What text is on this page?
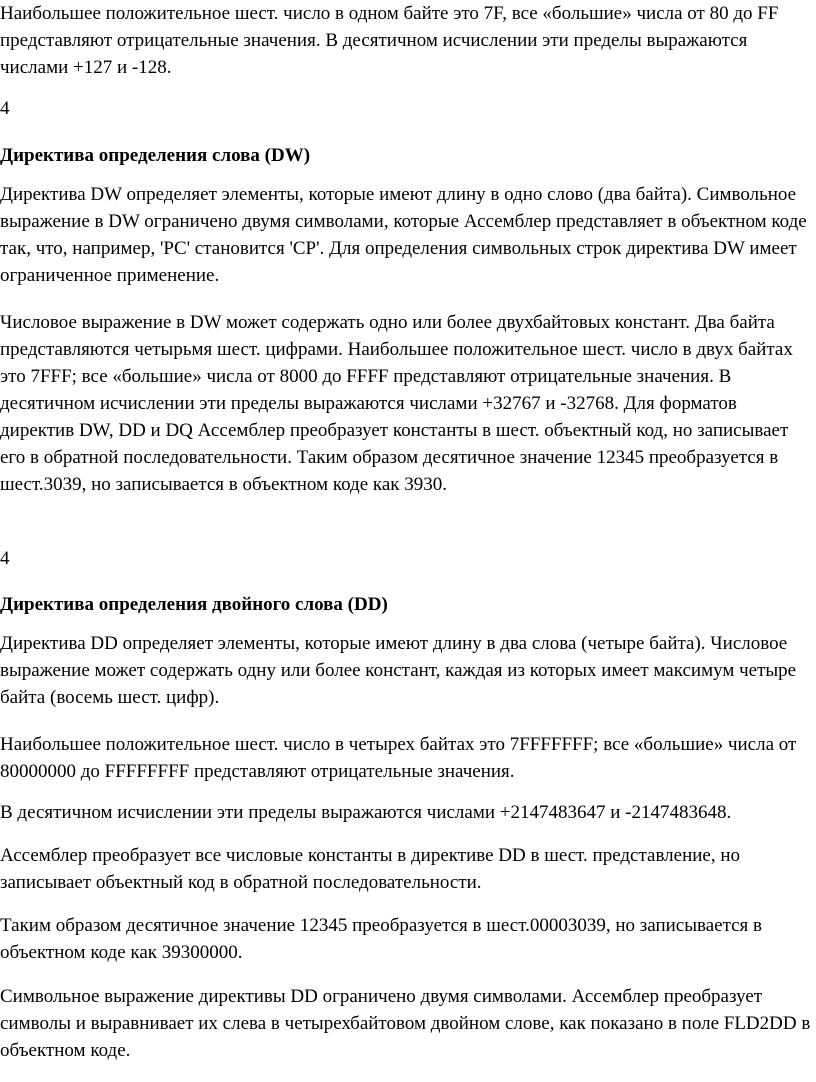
Наибольшее положительное шест. число в одном байте это 7F, все «большие» числа от 80 до FF представляют отрицательные значения. В десятичном исчислении эти пределы выражаются числами +127 и -128.

4

Директива определения слова (DW)

Директива DW определяет элементы, которые имеют длину в одно слово (два байта). Символьное выражение в DW ограничено двумя символами, которые Ассемблер представляет в объектном коде так, что, например, 'PC' становится 'CP'. Для определения символьных строк директива DW имеет ограниченное применение.

Числовое выражение в DW может содержать одно или более двухбайтовых констант. Два байта представляются четырьмя шест. цифрами. Наибольшее положительное шест. число в двух байтах это 7FFF; все «большие» числа от 8000 до FFFF представляют отрицательные значения. В десятичном исчислении эти пределы выражаются числами +32767 и -32768. Для форматов директив DW, DD и DQ Ассемблер преобразует константы в шест. объектный код, но записывает его в обратной последовательности. Таким образом десятичное значение 12345 преобразуется в шест.3039, но записывается в объектном коде как 3930.

4

Директива определения двойного слова (DD)

Директива DD определяет элементы, которые имеют длину в два слова (четыре байта). Числовое выражение может содержать одну или более констант, каждая из которых имеет максимум четыре байта (восемь шест. цифр).

Наибольшее положительное шест. число в четырех байтах это 7FFFFFFF; все «большие» числа от 80000000 до FFFFFFFF представляют отрицательные значения.

В десятичном исчислении эти пределы выражаются числами +2147483647 и -2147483648.

Ассемблер преобразует все числовые константы в директиве DD в шест. представление, но записывает объектный код в обратной последовательности.

Таким образом десятичное значение 12345 преобразуется в шест.00003039, но записывается в объектном коде как 39300000.

Символьное выражение директивы DD ограничено двумя символами. Ассемблер преобразует символы и выравнивает их слева в четырехбайтовом двойном слове, как показано в поле FLD2DD в объектном коде.
